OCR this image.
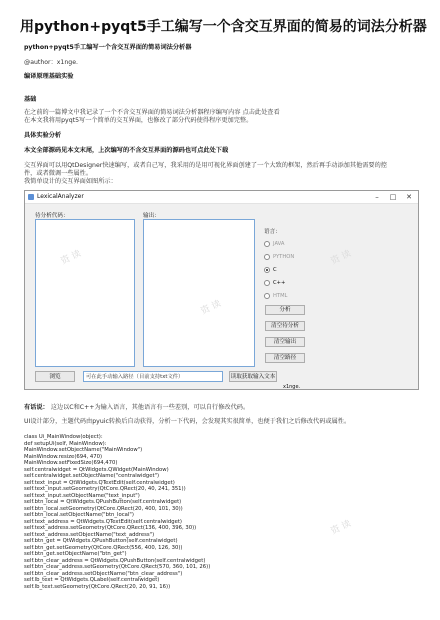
用python+pyqt5手工编写一个含交互界面的简易的词法分析器
python+pyqt5手工编写一个含交互界面的简易词法分析器
@author：x1nge.
编译原理基础实验
基础
在之前的一篇博文中我记录了一个不含交互界面的简易词法分析器程序编写内容 点击此处查看
在本文我将用pyqt5写一个简单的交互界面，也修改了部分代码使得程序更加完整。
具体实验分析
本文全部源码见本文末尾，上次编写的不含交互界面的源码也可点此处下载
交互界面可以用QtDesigner快速编写，或者自己写，我采用的是用可视化界面创建了一个大致的框架，然后再手动添加其他需要的控
件，或者微调一些属性。
我简单设计的交互界面如图所示：
LexicalAnalyzer	–	□	✕
待分析代码：	输出：
语言：
JAVA
PYTHON
C
C++
HTML
分析
清空待分析
清空输出
清空路径
浏览	可在此手动输入路径（目前支持txt文件）	读取获取输入文本
x1nge.
有话说： 这边以C和C++为输入语言，其他语言有一些差别，可以自行修改代码。
UI设计部分，主题代码由pyuic转换后自动获得，分析一下代码，会发现其实很简单，也便于我们之后修改代码或属性。
class Ui_MainWindow(object):
def setupUi(self, MainWindow):
MainWindow.setObjectName("MainWindow")
MainWindow.resize(694, 470)
MainWindow.setFixedSize(694,470)
self.centralwidget = QtWidgets.QWidget(MainWindow)
self.centralwidget.setObjectName("centralwidget")
self.text_input = QtWidgets.QTextEdit(self.centralwidget)
self.text_input.setGeometry(QtCore.QRect(20, 40, 241, 351))
self.text_input.setObjectName("text_input")
self.btn_local = QtWidgets.QPushButton(self.centralwidget)
self.btn_local.setGeometry(QtCore.QRect(20, 400, 101, 30))
self.btn_local.setObjectName("btn_local")
self.text_address = QtWidgets.QTextEdit(self.centralwidget)
self.text_address.setGeometry(QtCore.QRect(136, 400, 396, 30))
self.text_address.setObjectName("text_address")
self.btn_get = QtWidgets.QPushButton(self.centralwidget)
self.btn_get.setGeometry(QtCore.QRect(556, 400, 126, 30))
self.btn_get.setObjectName("btn_get")
self.btn_clear_address = QtWidgets.QPushButton(self.centralwidget)
self.btn_clear_address.setGeometry(QtCore.QRect(570, 360, 101, 26))
self.btn_clear_address.setObjectName("btn_clear_address")
self.lb_text = QtWidgets.QLabel(self.centralwidget)
self.lb_text.setGeometry(QtCore.QRect(20, 20, 91, 16))
资 读
资 读
资 读
资 读
